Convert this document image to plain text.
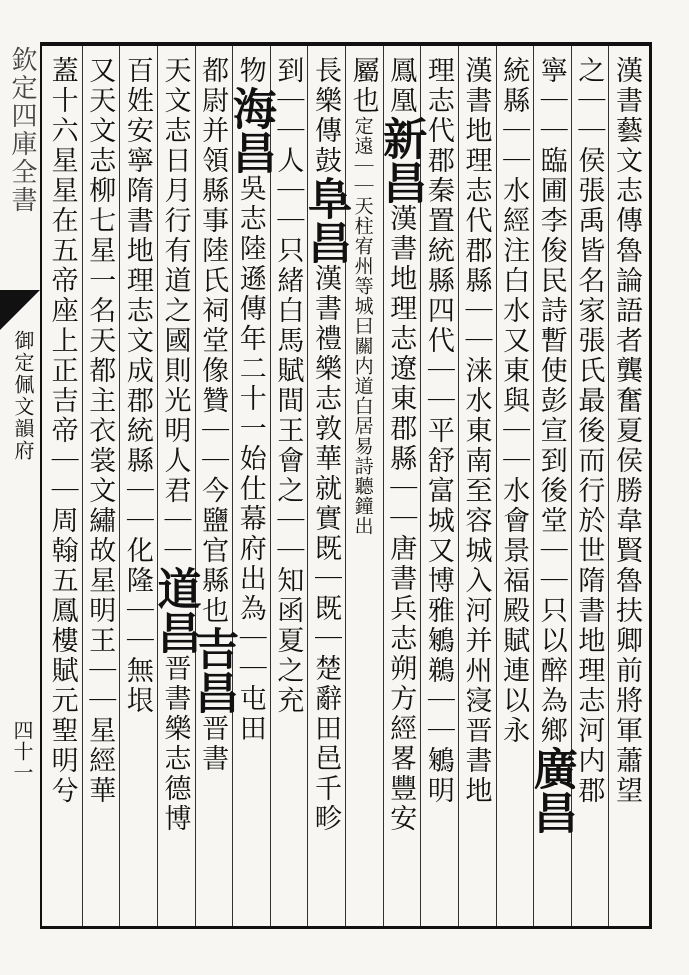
欽定四庫全書
御定佩文韻府
四十一	漢書藝文志傳魯論語者龔奮夏侯勝韋賢魯扶卿前將軍蕭望
之｜｜侯張禹皆名家張氏最後而行於世隋書地理志河内郡
寧｜｜臨圃李俊民詩暫使彭宣到後堂｜｜只以醉為鄉廣昌
統縣｜｜水經注白水又東與｜｜水會景福殿賦連以永
漢書地理志代郡縣｜｜涞水東南至容城入河并州寖晋書地
理志代郡秦置統縣四代｜｜平舒富城又博雅鵴鵜｜｜鵴明
鳳凰新昌漢書地理志遼東郡縣｜｜唐書兵志朔方經畧豐安
屬也定遠｜｜天柱宥州等城曰關内道白居易詩聽鐘出
長樂傳鼓阜昌漢書禮樂志敦華就實既｜既｜楚辭田邑千畛
到｜｜人｜｜只緒白馬賦間王會之｜｜知函夏之充
物海昌吳志陸遜傳年二十一始仕幕府出為｜｜屯田
都尉并領縣事陸氏祠堂像贊｜｜今鹽官縣也吉昌晋書
天文志日月行有道之國則光明人君｜｜道昌晋書樂志德博
百姓安寧隋書地理志文成郡統縣｜｜化隆｜｜無垠
又天文志柳七星一名天都主衣裳文繡故星明王｜｜星經華
蓋十六星星在五帝座上正吉帝｜｜周翰五鳳樓賦元聖明兮
